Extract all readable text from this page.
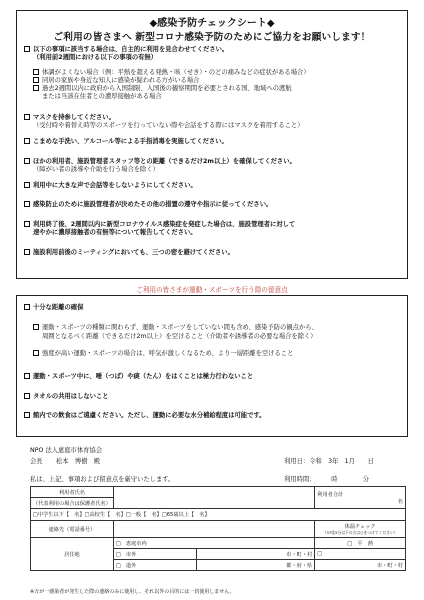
◆感染予防チェックシート◆
ご利用の皆さまへ 新型コロナ感染予防のためにご協力をお願いします！
以下の事項に該当する場合は、自主的に利用を見合わせてください。
（利用前2週間における以下の事項の有無）
体調がよくない場合（例：平熱を超える発熱・咳（せき）・のどの痛みなどの症状がある場合）
同居の家族や身近な知人に感染が疑われる方がいる場合
過去2週間以内に政府から入国制限、入国後の観察期間を必要とされる国、地域への渡航
または当該在住者との濃厚接触がある場合
マスクを持参してください。
（受付時や着替え時等のスポーツを行っていない際や会話をする際にはマスクを着用すること）
こまめな手洗い、アルコール等による手指消毒を実施してください。
ほかの利用者、施設管理者スタッフ等との距離（できるだけ2m以上）を確保してください。
（障がい者の誘導や介助を行う場合を除く）
利用中に大きな声で会話等をしないようにしてください。
感染防止のために施設管理者が決めたその他の措置の遵守や指示に従ってください。
利用終了後、2週間以内に新型コロナウイルス感染症を発症した場合は、施設管理者に対して
速やかに濃厚接触者の有無等について報告してください。
施設利用前後のミーティングにおいても、三つの密を避けてください。
ご利用の皆さまが運動・スポーツを行う際の留意点
十分な距離の確保
運動・スポーツの種類に関わらず、運動・スポーツをしていない間も含め、感染予防の観点から、
周囲となるべく距離（できるだけ2m以上）を空けること（介助者や誘導者の必要な場合を除く）
強度が高い運動・スポーツの場合は、呼気が激しくなるため、より一層距離を空けること
運動・スポーツ中に、唾（つば）や痰（たん）をはくことは極力行わないこと
タオルの共用はしないこと
館内での飲食はご遠慮ください。ただし、運動に必要な水分補給程度は可能です。
NPO 法人恵庭市体育協会
会長 松本　博樹　殿	利用日：令和　3年　1月　　日
私は、上記、事項および留意点を厳守いたします。	利用時間：　　　時　　　　分
利用者氏名			利用者合計

名

（代表利用の場合は保護者氏名）			
□中学生以下【　名】□高校生【　名】□一般【　名】□65歳以上【　名】			
連絡先（電話番号）			体温チェック
（37度5分以下の方は○をつけてください）
居住地	□　恵庭市内		□　平　熱
	□　市外	市・町・村	□
	□　道外	都・府・県	市・町・村
※万が一感染者が発生した際の連絡のみに使用し、それ以外の目的には一切使用しません。
